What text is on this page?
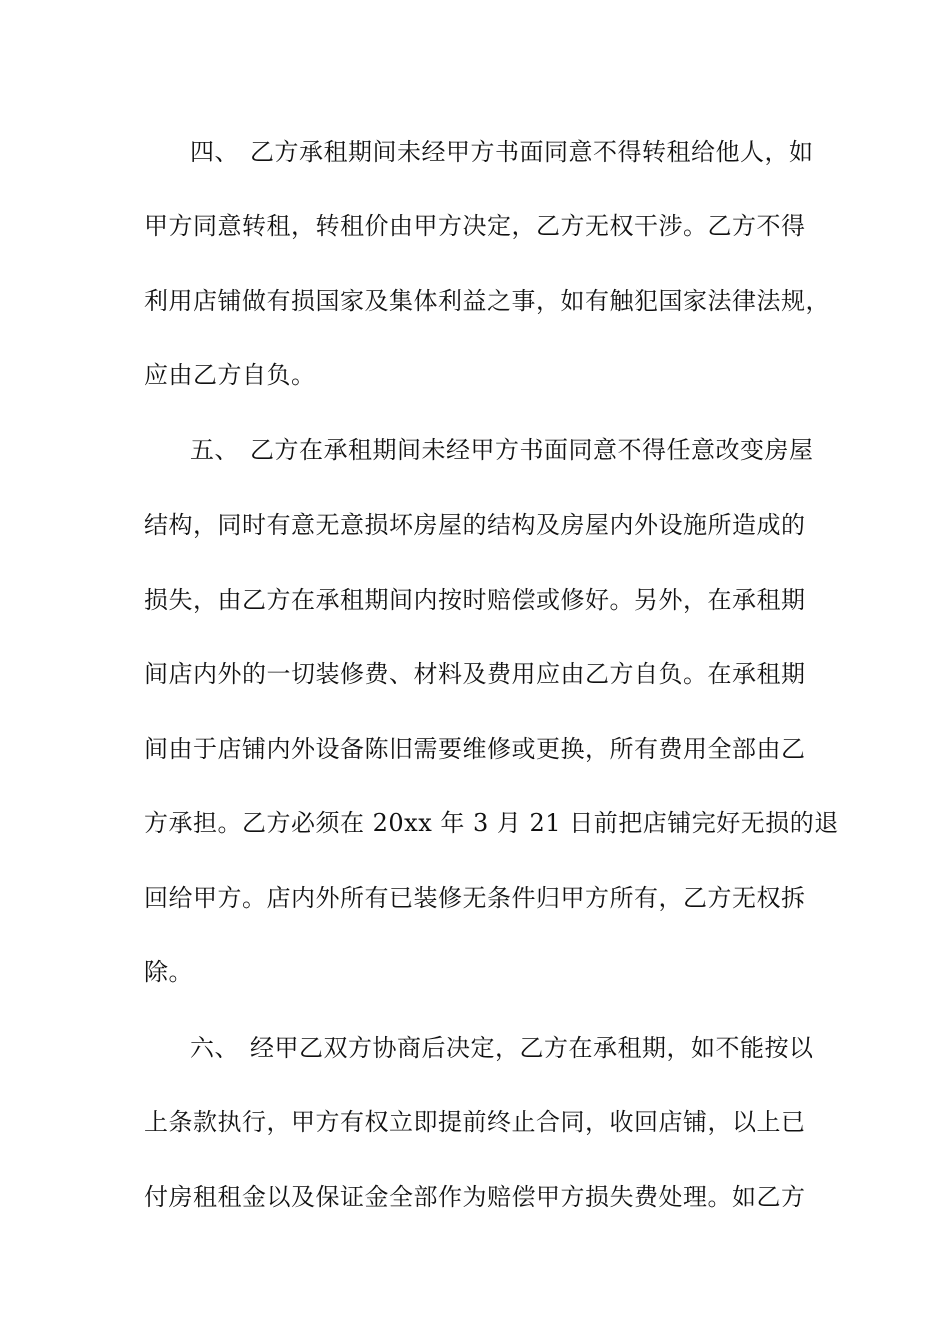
四、 乙方承租期间未经甲方书面同意不得转租给他人，如
甲方同意转租，转租价由甲方决定，乙方无权干涉。乙方不得
利用店铺做有损国家及集体利益之事，如有触犯国家法律法规，
应由乙方自负。
五、 乙方在承租期间未经甲方书面同意不得任意改变房屋
结构，同时有意无意损坏房屋的结构及房屋内外设施所造成的
损失，由乙方在承租期间内按时赔偿或修好。另外，在承租期
间店内外的一切装修费、材料及费用应由乙方自负。在承租期
间由于店铺内外设备陈旧需要维修或更换，所有费用全部由乙
方承担。乙方必须在 20xx 年 3 月 21 日前把店铺完好无损的退
回给甲方。店内外所有已装修无条件归甲方所有，乙方无权拆
除。
六、 经甲乙双方协商后决定，乙方在承租期，如不能按以
上条款执行，甲方有权立即提前终止合同，收回店铺，以上已
付房租租金以及保证金全部作为赔偿甲方损失费处理。如乙方
